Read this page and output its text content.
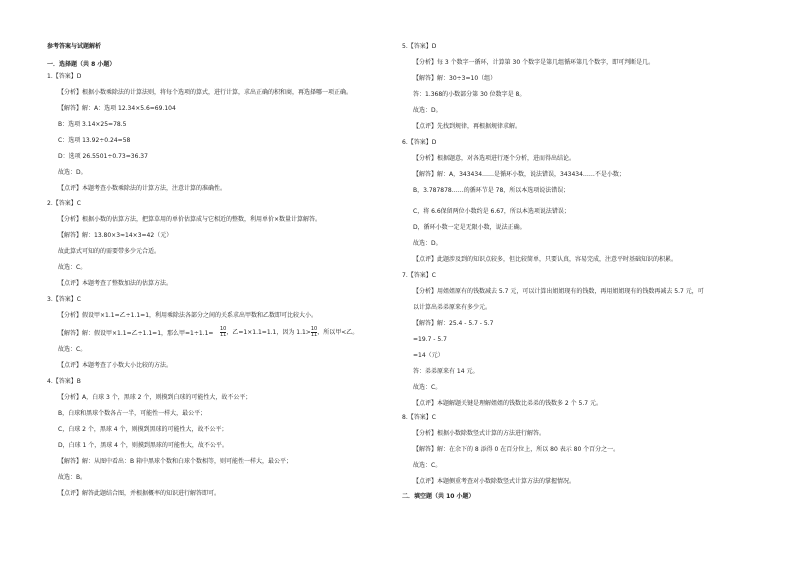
参考答案与试题解析
一．选择题（共 8 小题）
1.【答案】D
【分析】根据小数乘除法的计算法则，将每个选项的算式，进行计算，求出正确的积和商，再选择哪一项正确。
【解答】解：A：选项 12.34×5.6=69.104
B：选项 3.14×25=78.5
C：选项 13.92÷0.24=58
D：选项 26.5501÷0.73=36.37
故选：D。
【点评】本题考查小数乘除法的计算方法，注意计算的准确性。
2.【答案】C
【分析】根据小数的估算方法，把算草用的单价估算成与它相近的整数，利用单价×数量计算解答。
【解答】解：13.80×3≈14×3=42（元）
故此算式可知的的需要带多少元合适。
故选：C。
【点评】本题考查了整数加法的估算方法。
3.【答案】C
【分析】假设甲×1.1=乙÷1.1=1，利用乘除法各部分之间的关系求出甲数和乙数即可比较大小。
【解答】解：假设甲×1.1=乙÷1.1=1，那么甲=1÷1.1=
故选：C。
【点评】本题考查了小数大小比较的方法。
4.【答案】B
【分析】A，白球 3 个，黑球 2 个，则摸到白球的可能性大，故不公平；
B，白球和黑球个数各占一半，可能性一样大，最公平；
C，白球 2 个，黑球 4 个，则摸到黑球的可能性大，故不公平；
D，白球 1 个，黑球 4 个，则摸到黑球的可能性大，故不公平。
【解答】解：从图中看出：B 箱中黑球个数和白球个数相等，则可能性一样大，最公平；
故选：B。
【点评】解答此题结合图，并根据概率的知识进行解答即可。
5.【答案】D
【分析】每 3 个数字一循环，计算第 30 个数字是第几组循环第几个数字，即可判断是几。
【解答】解：30÷3=10（组）
答：1.368的小数部分第 30 位数字是 8。
故选：D。
【点评】先找到规律，再根据规律求解。
6.【答案】D
【分析】根据题意，对各选项进行逐个分析，进而得出结论。
【解答】解：A，343434……是循环小数，说法错误，343434……不是小数；
B，3.787878……的循环节是 78，所以本选项说法错误；
C，将 6.6保留两位小数约是 6.67，所以本选项说法错误；
D，循环小数一定是无限小数，说法正确。
故选：D。
【点评】此题涉及到的知识点较多，但比较简单，只要认真，容易完成，注意平时基础知识的积累。
7.【答案】C
【分析】用姐姐原有的钱数减去 5.7 元，可以计算出姐姐现有的钱数，再用姐姐现有的钱数再减去 5.7 元，可
以计算出弟弟原来有多少元。
【解答】解：25.4 - 5.7 - 5.7
=19.7 - 5.7
=14（元）
答：弟弟原来有 14 元。
故选：C。
【点评】本题解题关键是理解姐姐的钱数比弟弟的钱数多 2 个 5.7 元。
8.【答案】C
【分析】根据小数除数竖式计算的方法进行解答。
【解答】解：在余下的 8 添得 0 在百分位上，所以 80 表示 80 个百分之一。
故选：C。
【点评】本题侧重考查对小数除数竖式计算方法的掌握情况。
二．填空题（共 10 小题）
$\frac{10}{11}$ ，乙=1×1.1=1.1，因为 $1.1> \frac{10}{11}$ ，所以甲<乙。
